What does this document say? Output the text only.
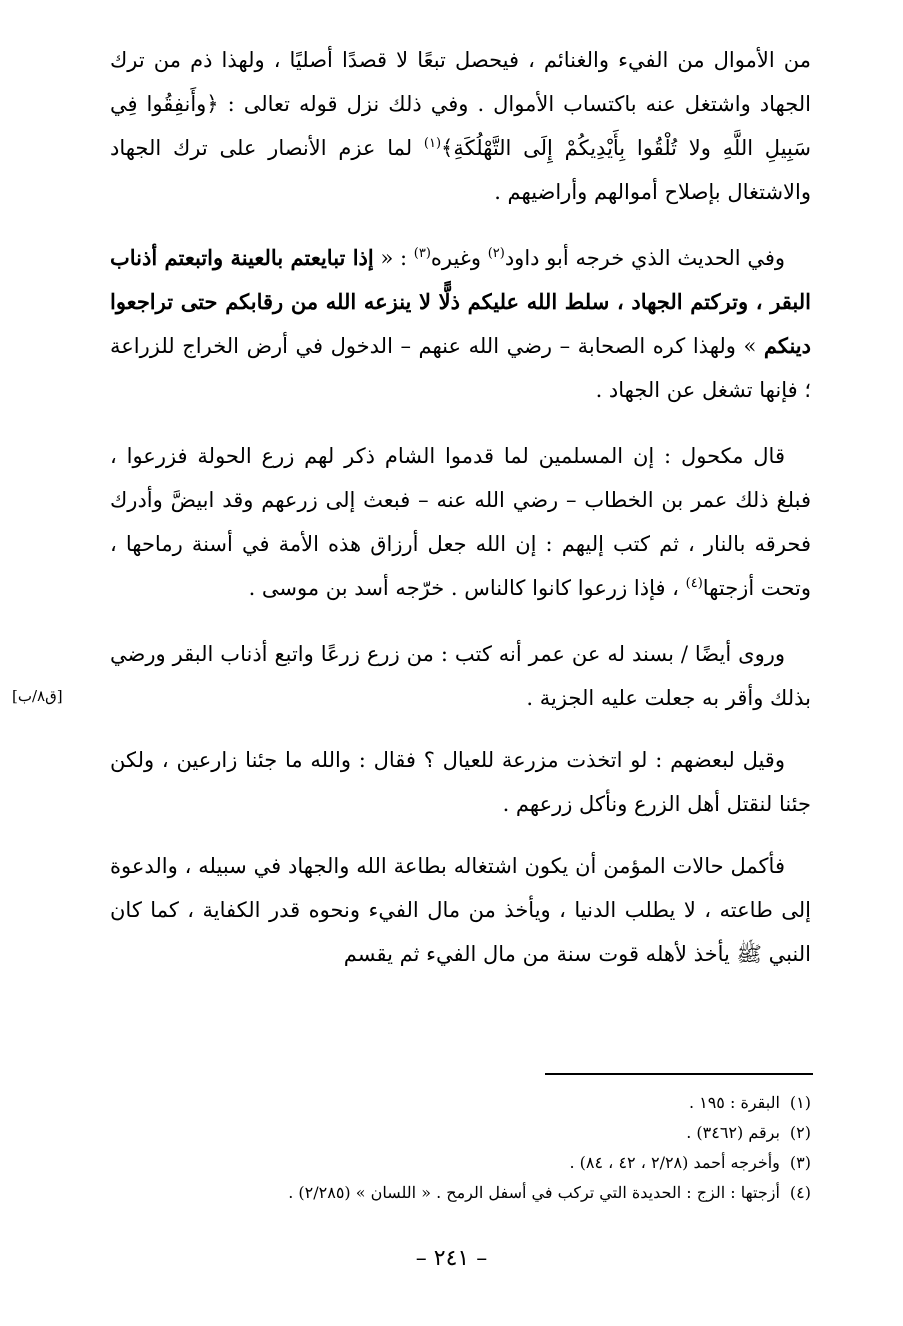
من الأموال من الفيء والغنائم ، فيحصل تبعًا لا قصدًا أصليًا ، ولهذا ذم من ترك الجهاد واشتغل عنه باكتساب الأموال . وفي ذلك نزل قوله تعالى : ﴿وأَنفِقُوا فِي سَبِيلِ اللَّهِ ولا تُلْقُوا بِأَيْدِيكُمْ إِلَى التَّهْلُكَةِ﴾$^{(١)}$ لما عزم الأنصار على ترك الجهاد والاشتغال بإصلاح أموالهم وأراضيهم .

وفي الحديث الذي خرجه أبو داود$^{(٢)}$ وغيره$^{(٣)}$ : « إذا تبايعتم بالعينة واتبعتم أذناب البقر ، وتركتم الجهاد ، سلط الله عليكم ذلًّا لا ينزعه الله من رقابكم حتى تراجعوا دينكم » ولهذا كره الصحابة – رضي الله عنهم – الدخول في أرض الخراج للزراعة ؛ فإنها تشغل عن الجهاد .

قال مكحول : إن المسلمين لما قدموا الشام ذكر لهم زرع الحولة فزرعوا ، فبلغ ذلك عمر بن الخطاب – رضي الله عنه – فبعث إلى زرعهم وقد ابيضَّ وأدرك فحرقه بالنار ، ثم كتب إليهم : إن الله جعل أرزاق هذه الأمة في أسنة رماحها ، وتحت أزجتها$^{(٤)}$ ، فإذا زرعوا كانوا كالناس . خرّجه أسد بن موسى .

وروى أيضًا / بسند له عن عمر أنه كتب : من زرع زرعًا واتبع أذناب البقر ورضي بذلك وأقر به جعلت عليه الجزية .

وقيل لبعضهم : لو اتخذت مزرعة للعيال ؟ فقال : والله ما جئنا زارعين ، ولكن جئنا لنقتل أهل الزرع ونأكل زرعهم .

فأكمل حالات المؤمن أن يكون اشتغاله بطاعة الله والجهاد في سبيله ، والدعوة إلى طاعته ، لا يطلب الدنيا ، ويأخذ من مال الفيء ونحوه قدر الكفاية ، كما كان النبي ﷺ يأخذ لأهله قوت سنة من مال الفيء ثم يقسم

[ق٨/ب]

(١)البقرة : ١٩٥ .

(٢)برقم (٣٤٦٢) .

(٣)وأخرجه أحمد (٢/٢٨ ، ٤٢ ، ٨٤) .

(٤)أزجتها : الزج : الحديدة التي تركب في أسفل الرمح . « اللسان » (٢/٢٨٥) .

– ٢٤١ –
